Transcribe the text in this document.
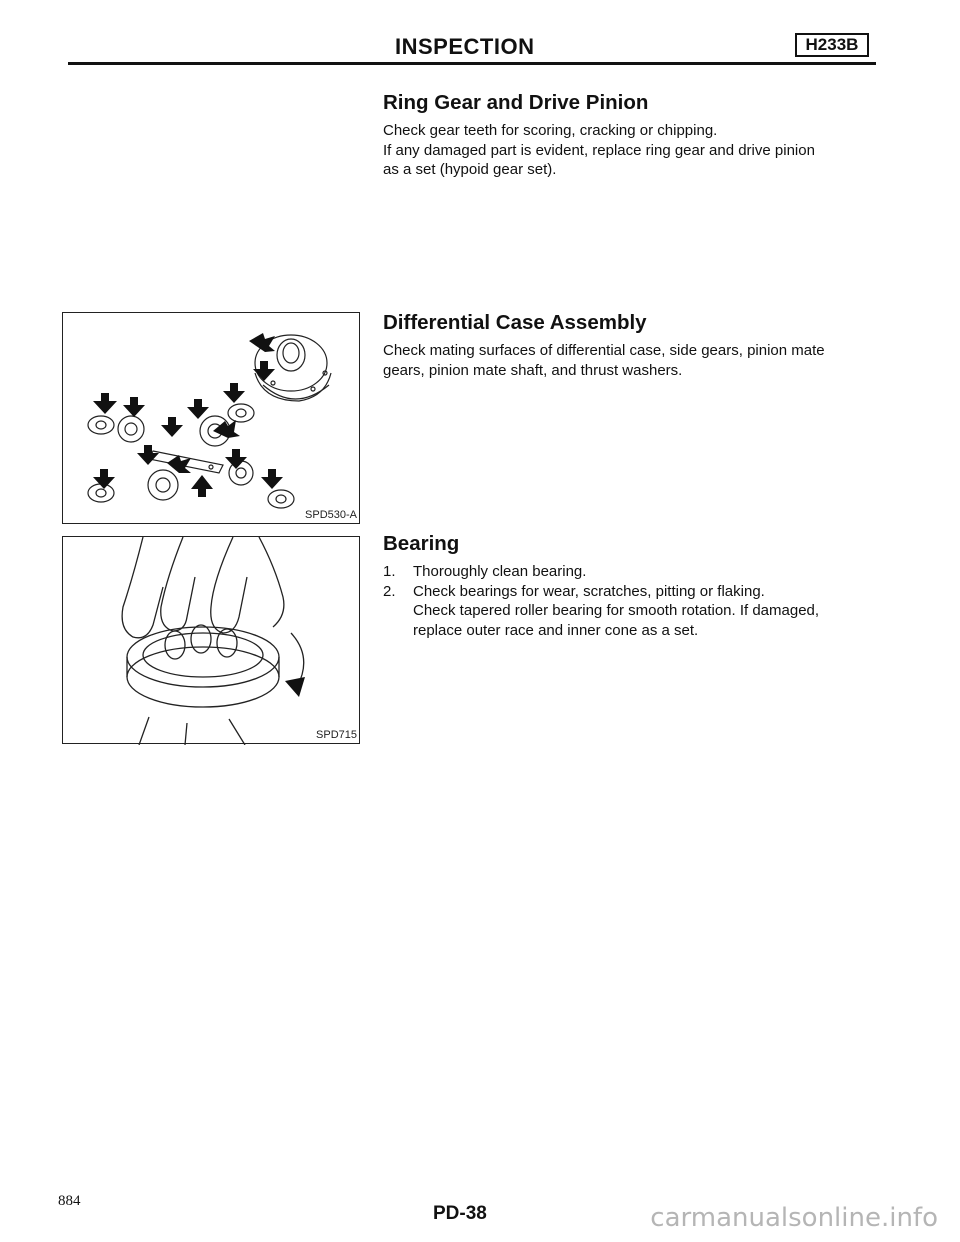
INSPECTION	H233B
Ring Gear and Drive Pinion

Check gear teeth for scoring, cracking or chipping.

If any damaged part is evident, replace ring gear and drive pinion

as a set (hypoid gear set).

Differential Case Assembly

Check mating surfaces of differential case, side gears, pinion mate

gears, pinion mate shaft, and thrust washers.

Bearing
1. Thoroughly clean bearing.
2. Check bearings for wear, scratches, pitting or flaking.
Check tapered roller bearing for smooth rotation. If damaged,
replace outer race and inner cone as a set.
SPD530-A
SPD715
884
PD-38	carmanualsonline.info
